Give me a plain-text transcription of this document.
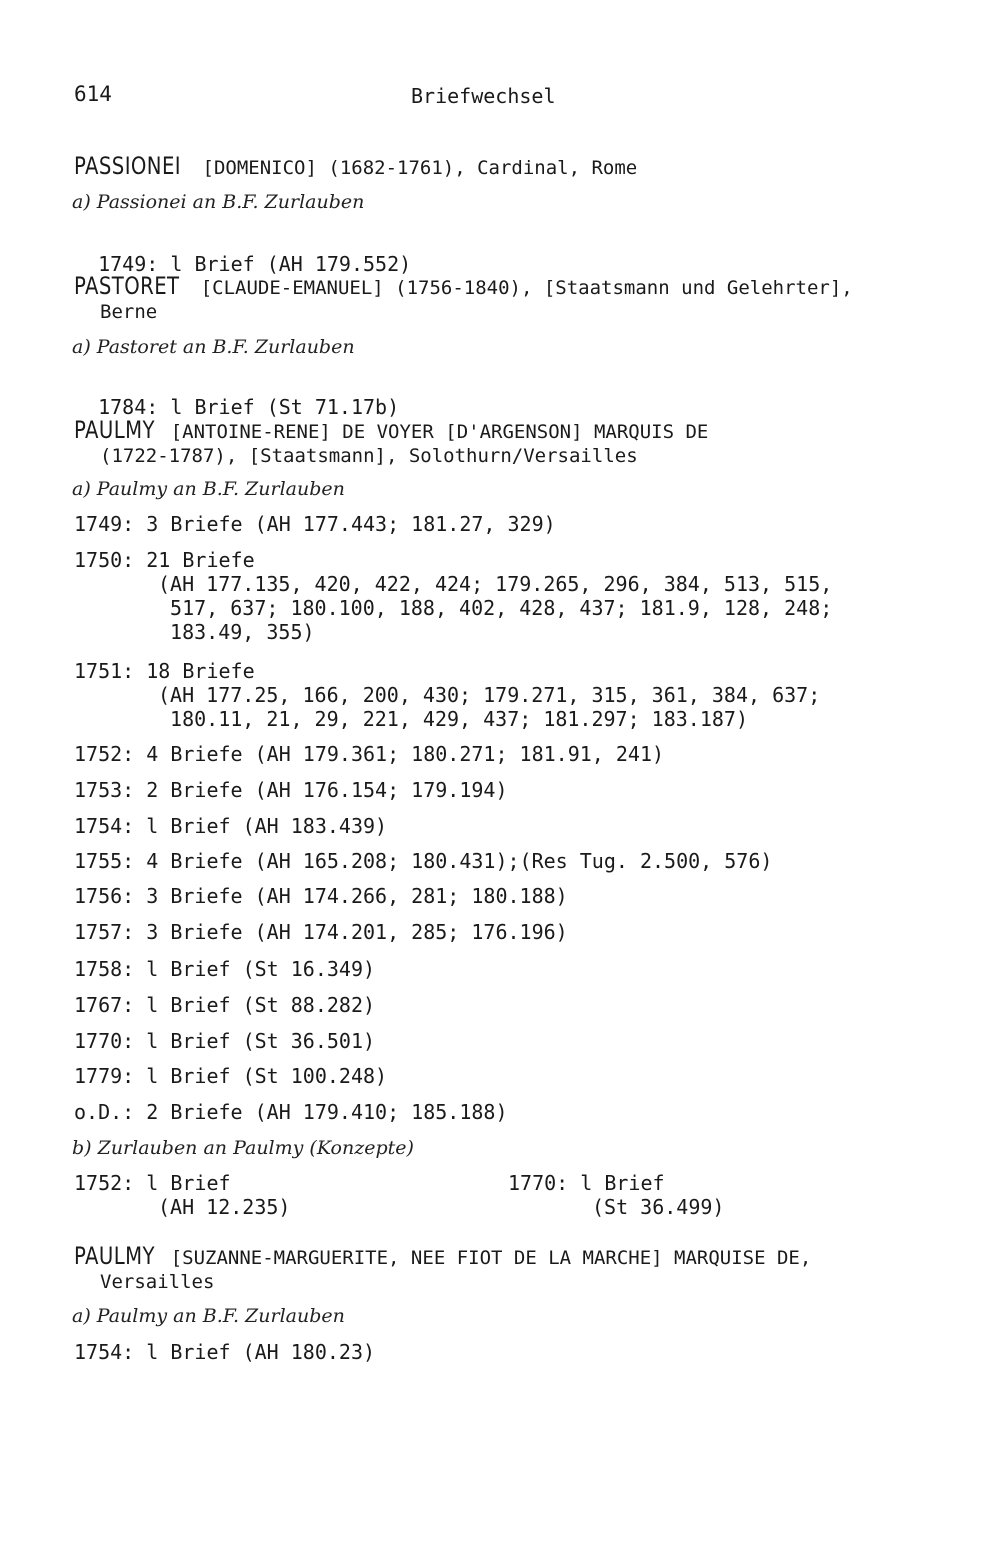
614	Briefwechsel
PASSIONEI [DOMENICO] (1682-1761), Cardinal, Rome
a) Passionei an B.F. Zurlauben

1749: l Brief (AH 179.552)

PASTORET [CLAUDE-EMANUEL] (1756-1840), [Staatsmann und Gelehrter],
Berne
a) Pastoret an B.F. Zurlauben

1784: l Brief (St 71.17b)

PAULMY [ANTOINE-RENE] DE VOYER [D'ARGENSON] MARQUIS DE
(1722-1787), [Staatsmann], Solothurn/Versailles
a) Paulmy an B.F. Zurlauben
1749: 3 Briefe (AH 177.443; 181.27, 329)
1750: 21 Briefe
(AH 177.135, 420, 422, 424; 179.265, 296, 384, 513, 515,
517, 637; 180.100, 188, 402, 428, 437; 181.9, 128, 248;
183.49, 355)
1751: 18 Briefe
(AH 177.25, 166, 200, 430; 179.271, 315, 361, 384, 637;
180.11, 21, 29, 221, 429, 437; 181.297; 183.187)
1752: 4 Briefe (AH 179.361; 180.271; 181.91, 241)
1753: 2 Briefe (AH 176.154; 179.194)
1754: l Brief (AH 183.439)
1755: 4 Briefe (AH 165.208; 180.431);(Res Tug. 2.500, 576)
1756: 3 Briefe (AH 174.266, 281; 180.188)
1757: 3 Briefe (AH 174.201, 285; 176.196)
1758: l Brief (St 16.349)
1767: l Brief (St 88.282)
1770: l Brief (St 36.501)
1779: l Brief (St 100.248)
o.D.: 2 Briefe (AH 179.410; 185.188)
b) Zurlauben an Paulmy (Konzepte)
1752: l Brief
(AH 12.235)
1770: l Brief
(St 36.499)
PAULMY [SUZANNE-MARGUERITE, NEE FIOT DE LA MARCHE] MARQUISE DE,
Versailles
a) Paulmy an B.F. Zurlauben
1754: l Brief (AH 180.23)
